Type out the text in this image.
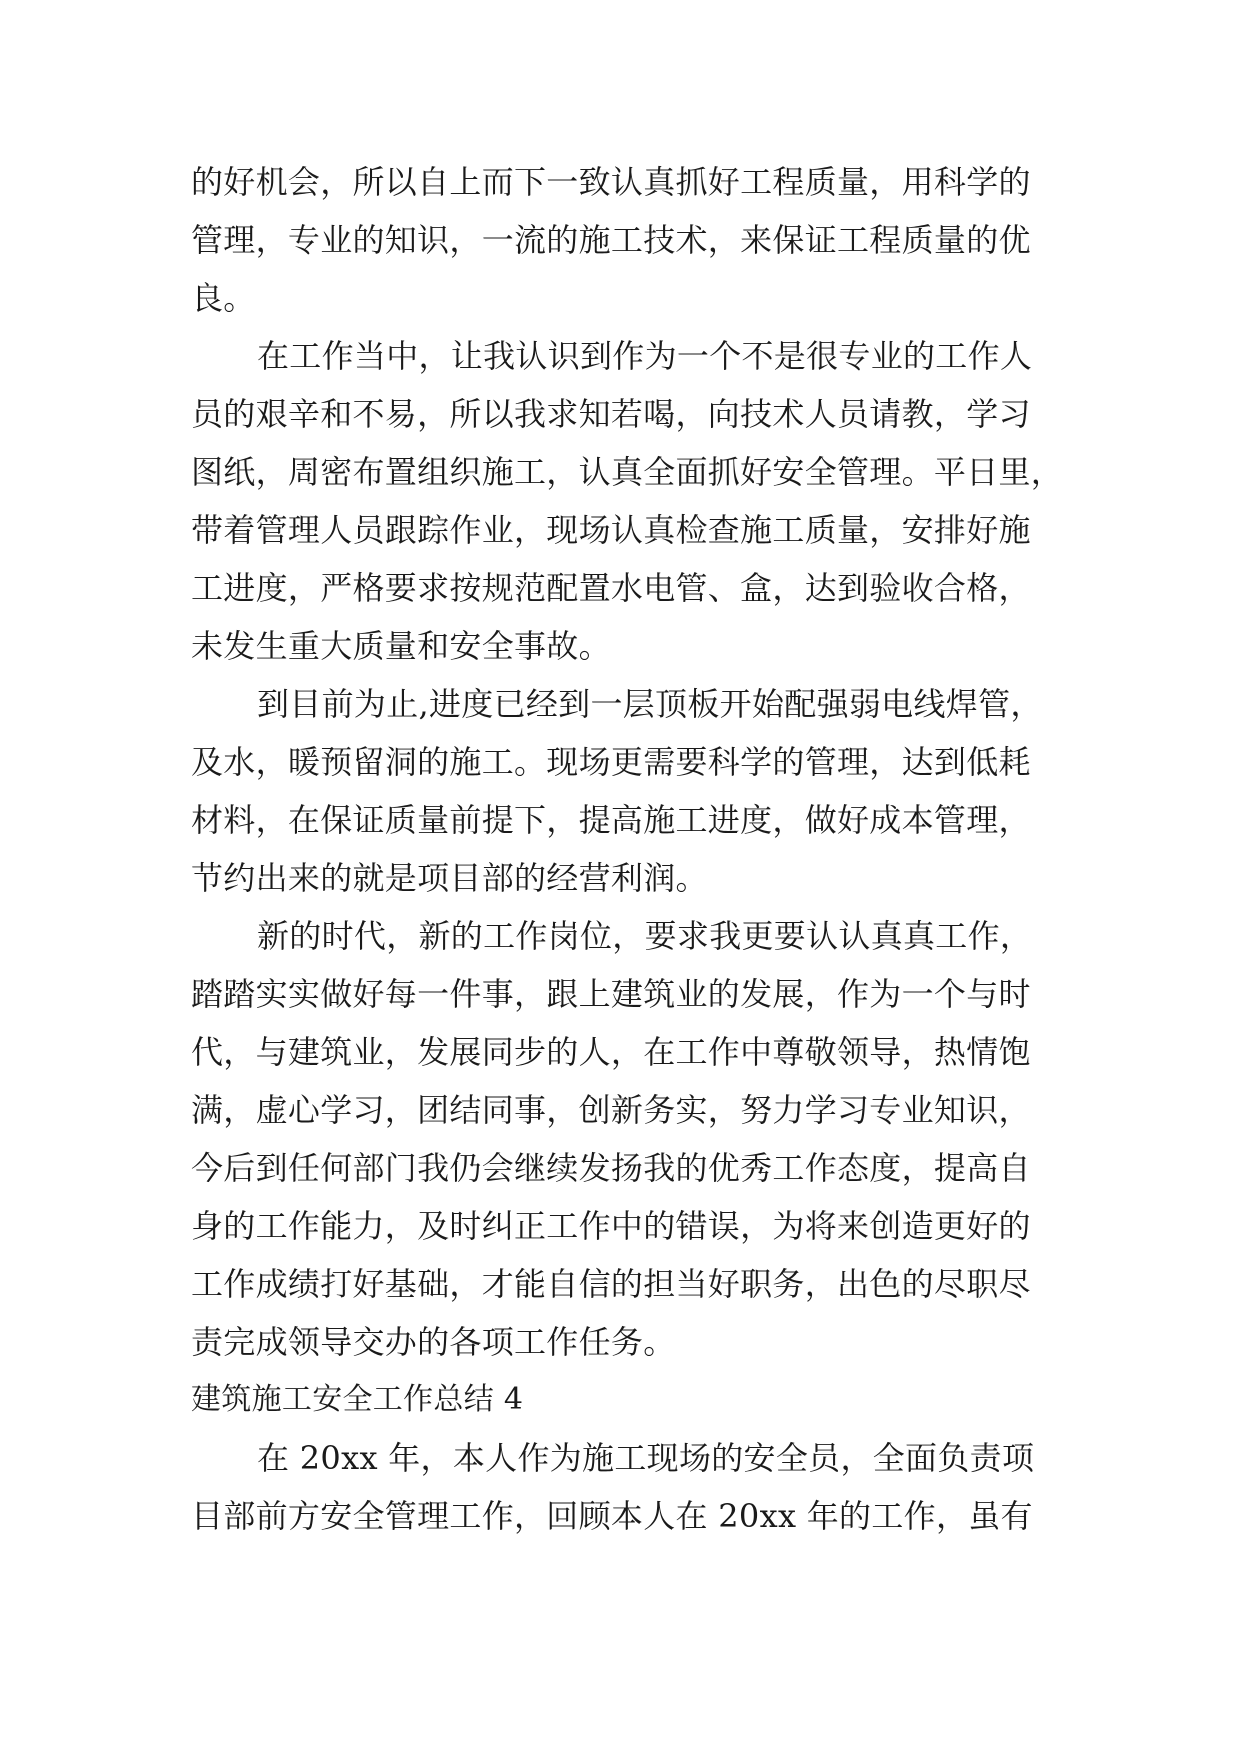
的好机会，所以自上而下一致认真抓好工程质量，用科学的
管理，专业的知识，一流的施工技术，来保证工程质量的优
良。
在工作当中，让我认识到作为一个不是很专业的工作人
员的艰辛和不易，所以我求知若喝，向技术人员请教，学习
图纸，周密布置组织施工，认真全面抓好安全管理。平日里，
带着管理人员跟踪作业，现场认真检查施工质量，安排好施
工进度，严格要求按规范配置水电管、盒，达到验收合格，
未发生重大质量和安全事故。
到目前为止,进度已经到一层顶板开始配强弱电线焊管，
及水，暖预留洞的施工。现场更需要科学的管理，达到低耗
材料，在保证质量前提下，提高施工进度，做好成本管理，
节约出来的就是项目部的经营利润。
新的时代，新的工作岗位，要求我更要认认真真工作，
踏踏实实做好每一件事，跟上建筑业的发展，作为一个与时
代，与建筑业，发展同步的人，在工作中尊敬领导，热情饱
满，虚心学习，团结同事，创新务实，努力学习专业知识，
今后到任何部门我仍会继续发扬我的优秀工作态度，提高自
身的工作能力，及时纠正工作中的错误，为将来创造更好的
工作成绩打好基础，才能自信的担当好职务，出色的尽职尽
责完成领导交办的各项工作任务。
建筑施工安全工作总结 4
在 20xx 年，本人作为施工现场的安全员，全面负责项
目部前方安全管理工作，回顾本人在 20xx 年的工作，虽有
